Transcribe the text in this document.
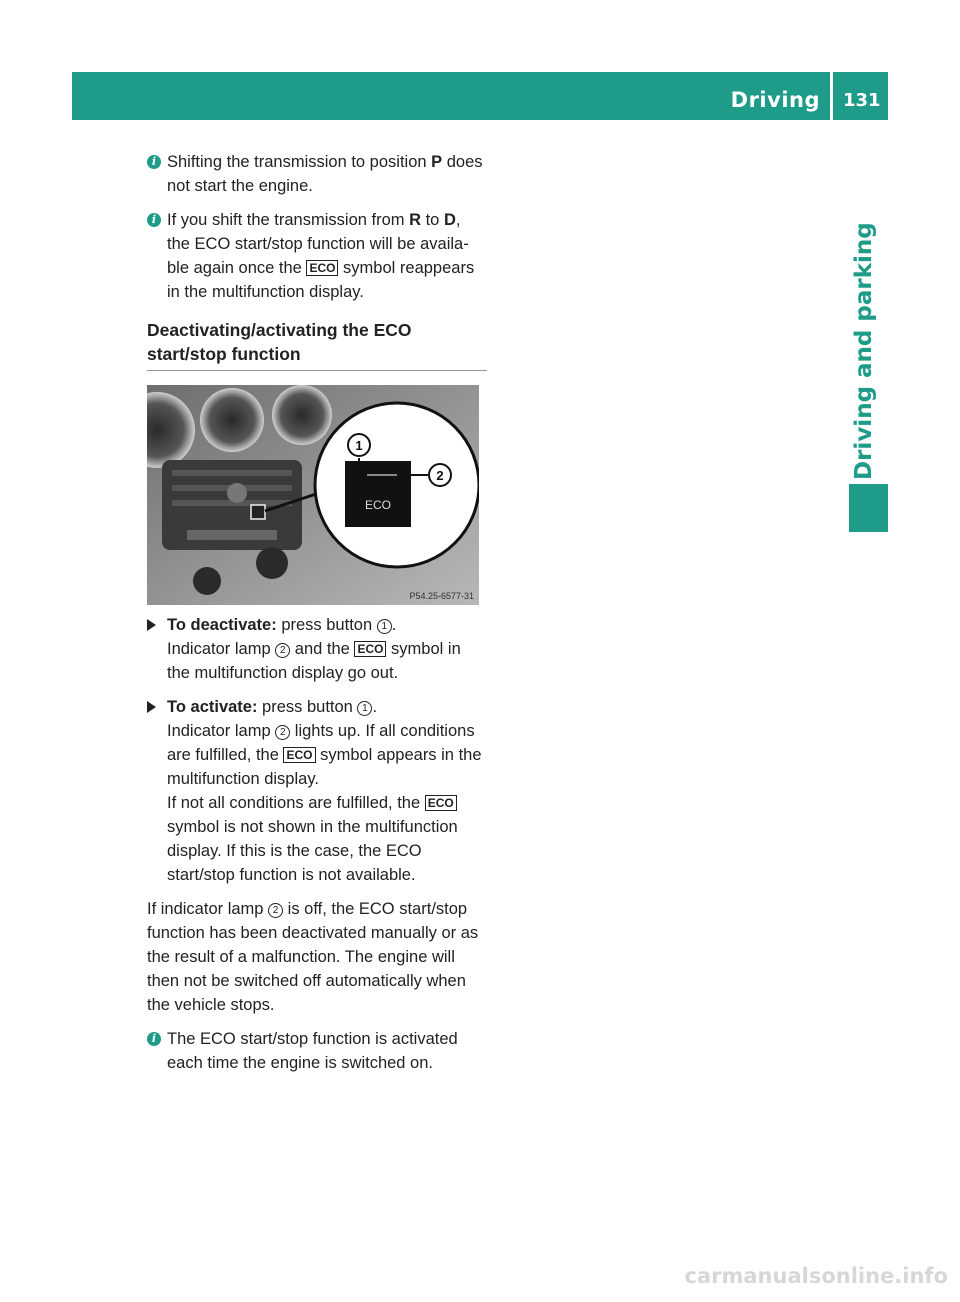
Driving 131
Driving and parking

i Shifting the transmission to position P does not start the engine.

i If you shift the transmission from R to D, the ECO start/stop function will be availa-ble again once the ECO symbol reappears in the multifunction display.

Deactivating/activating the ECO start/stop function
ECO
1
2
P54.25-6577-31
To deactivate: press button 1 .
Indicator lamp 2 and the ECO symbol in the multifunction display go out.
To activate: press button 1 .
Indicator lamp 2 lights up. If all conditions are fulfilled, the ECO symbol appears in the multifunction display.
If not all conditions are fulfilled, the ECO symbol is not shown in the multifunction display. If this is the case, the ECO start/stop function is not available.

If indicator lamp 2 is off, the ECO start/stop function has been deactivated manually or as the result of a malfunction. The engine will then not be switched off automatically when the vehicle stops.

i The ECO start/stop function is activated each time the engine is switched on.

carmanualsonline.info
